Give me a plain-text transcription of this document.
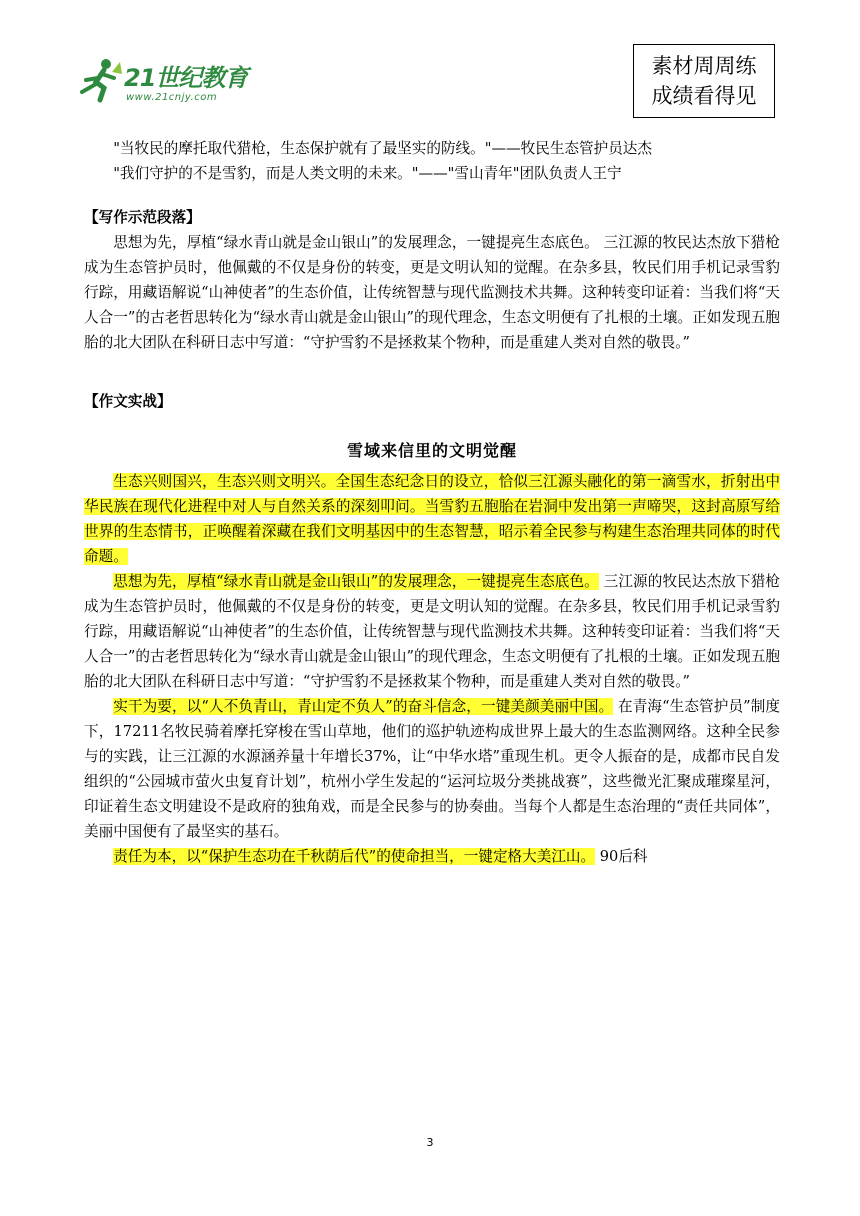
21世纪教育
www.21cnjy.com
素材周周练
成绩看得见

"当牧民的摩托取代猎枪，生态保护就有了最坚实的防线。"——牧民生态管护员达杰

"我们守护的不是雪豹，而是人类文明的未来。"——"雪山青年"团队负责人王宁

【写作示范段落】

思想为先，厚植“绿水青山就是金山银山”的发展理念，一键提亮生态底色。 三江源的牧民达杰放下猎枪成为生态管护员时，他佩戴的不仅是身份的转变，更是文明认知的觉醒。在杂多县，牧民们用手机记录雪豹行踪，用藏语解说“山神使者”的生态价值，让传统智慧与现代监测技术共舞。这种转变印证着：当我们将“天人合一”的古老哲思转化为“绿水青山就是金山银山”的现代理念，生态文明便有了扎根的土壤。正如发现五胞胎的北大团队在科研日志中写道：“守护雪豹不是拯救某个物种，而是重建人类对自然的敬畏。”

【作文实战】

雪域来信里的文明觉醒

生态兴则国兴，生态兴则文明兴。全国生态纪念日的设立，恰似三江源头融化的第一滴雪水，折射出中华民族在现代化进程中对人与自然关系的深刻叩问。当雪豹五胞胎在岩洞中发出第一声啼哭，这封高原写给世界的生态情书，正唤醒着深藏在我们文明基因中的生态智慧，昭示着全民参与构建生态治理共同体的时代命题。

思想为先，厚植“绿水青山就是金山银山”的发展理念，一键提亮生态底色。 三江源的牧民达杰放下猎枪成为生态管护员时，他佩戴的不仅是身份的转变，更是文明认知的觉醒。在杂多县，牧民们用手机记录雪豹行踪，用藏语解说“山神使者”的生态价值，让传统智慧与现代监测技术共舞。这种转变印证着：当我们将“天人合一”的古老哲思转化为“绿水青山就是金山银山”的现代理念，生态文明便有了扎根的土壤。正如发现五胞胎的北大团队在科研日志中写道：“守护雪豹不是拯救某个物种，而是重建人类对自然的敬畏。”

实干为要，以“人不负青山，青山定不负人”的奋斗信念，一键美颜美丽中国。 在青海“生态管护员”制度下，17211名牧民骑着摩托穿梭在雪山草地，他们的巡护轨迹构成世界上最大的生态监测网络。这种全民参与的实践，让三江源的水源涵养量十年增长37%，让“中华水塔”重现生机。更令人振奋的是，成都市民自发组织的“公园城市萤火虫复育计划”，杭州小学生发起的“运河垃圾分类挑战赛”，这些微光汇聚成璀璨星河，印证着生态文明建设不是政府的独角戏，而是全民参与的协奏曲。当每个人都是生态治理的“责任共同体”，美丽中国便有了最坚实的基石。

责任为本，以“保护生态功在千秋荫后代”的使命担当，一键定格大美江山。 90后科

3
